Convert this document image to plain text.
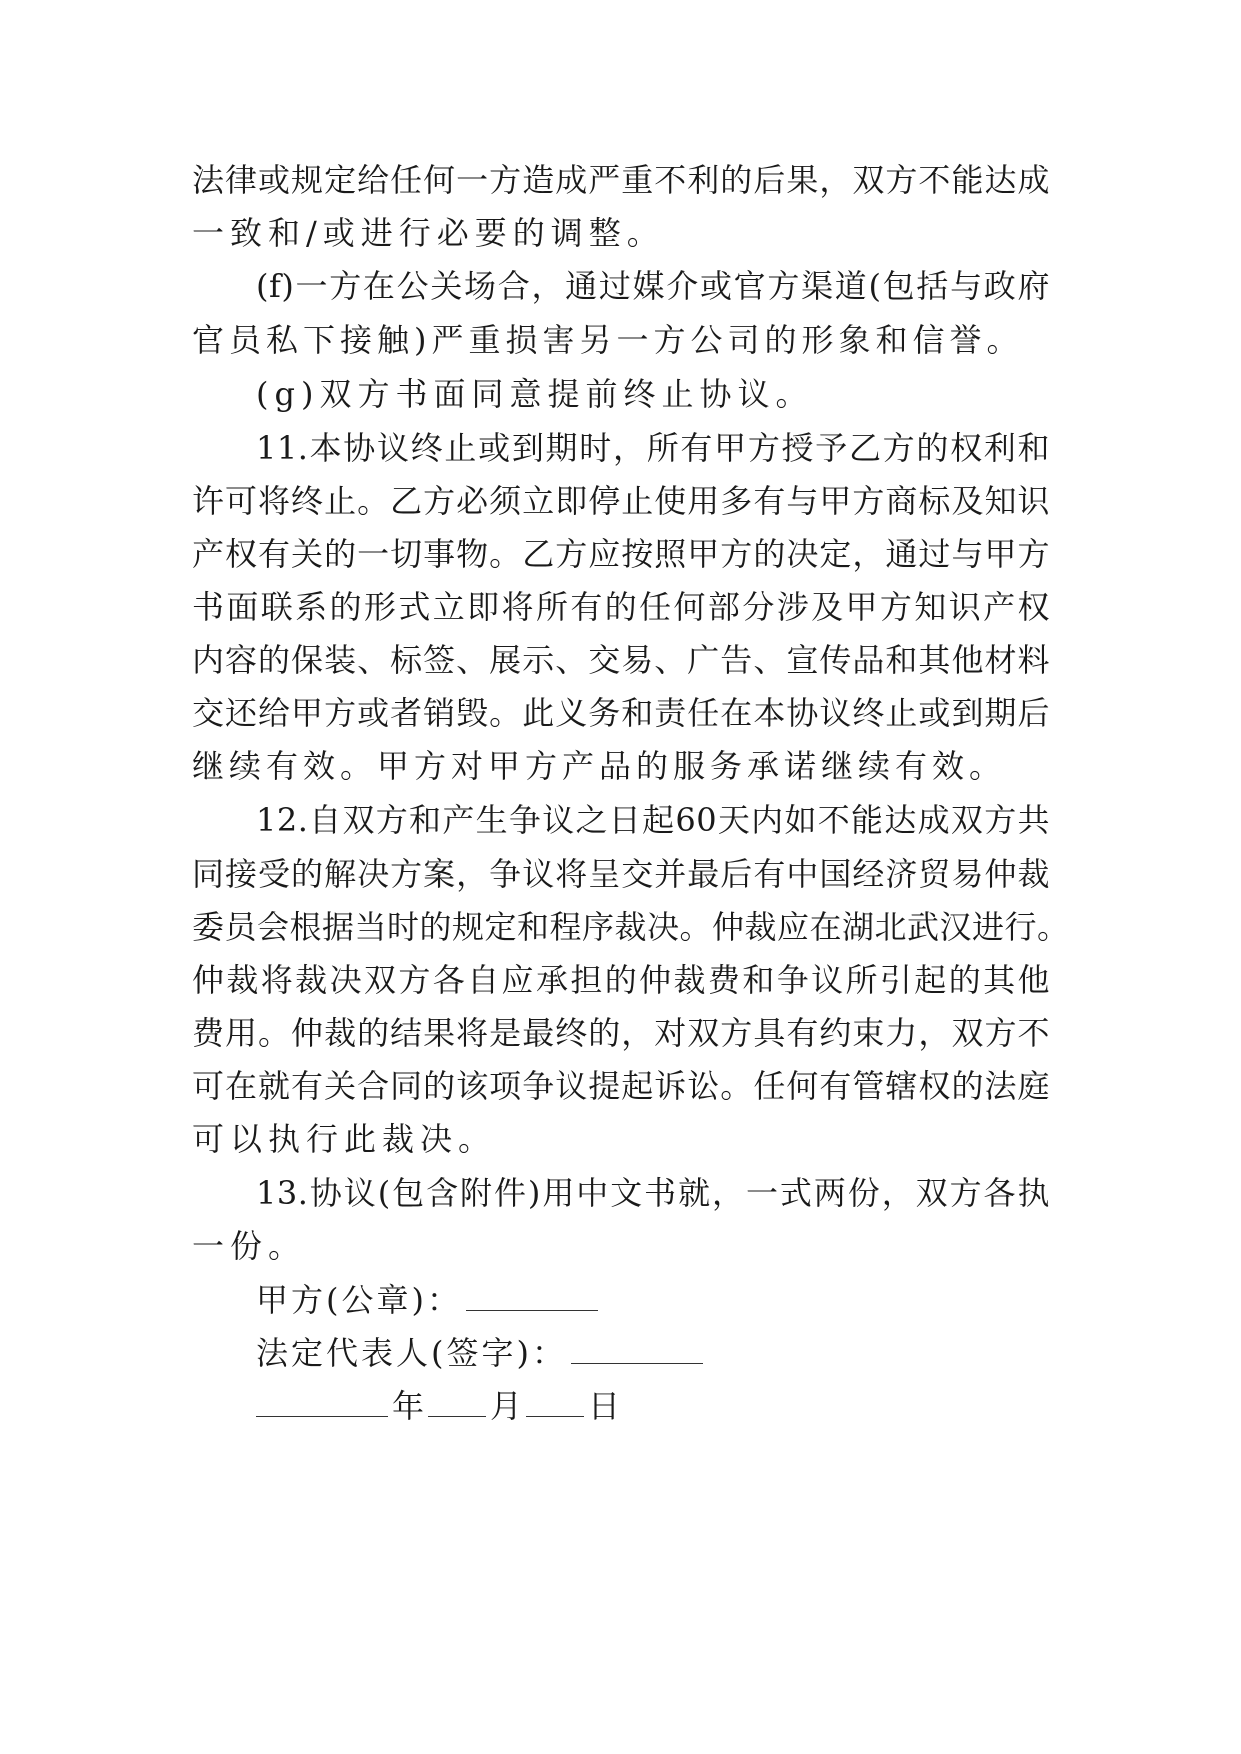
法律或规定给任何一方造成严重不利的后果，双方不能达成
一致和/或进行必要的调整。
(f)一方在公关场合，通过媒介或官方渠道(包括与政府
官员私下接触)严重损害另一方公司的形象和信誉。
(g)双方书面同意提前终止协议。
11.本协议终止或到期时，所有甲方授予乙方的权利和
许可将终止。乙方必须立即停止使用多有与甲方商标及知识
产权有关的一切事物。乙方应按照甲方的决定，通过与甲方
书面联系的形式立即将所有的任何部分涉及甲方知识产权
内容的保装、标签、展示、交易、广告、宣传品和其他材料
交还给甲方或者销毁。此义务和责任在本协议终止或到期后
继续有效。甲方对甲方产品的服务承诺继续有效。
12.自双方和产生争议之日起60天内如不能达成双方共
同接受的解决方案，争议将呈交并最后有中国经济贸易仲裁
委员会根据当时的规定和程序裁决。仲裁应在湖北武汉进行。
仲裁将裁决双方各自应承担的仲裁费和争议所引起的其他
费用。仲裁的结果将是最终的，对双方具有约束力，双方不
可在就有关合同的该项争议提起诉讼。任何有管辖权的法庭
可以执行此裁决。
13.协议(包含附件)用中文书就，一式两份，双方各执
一份。
甲方(公章)：
法定代表人(签字)：
年 月 日
